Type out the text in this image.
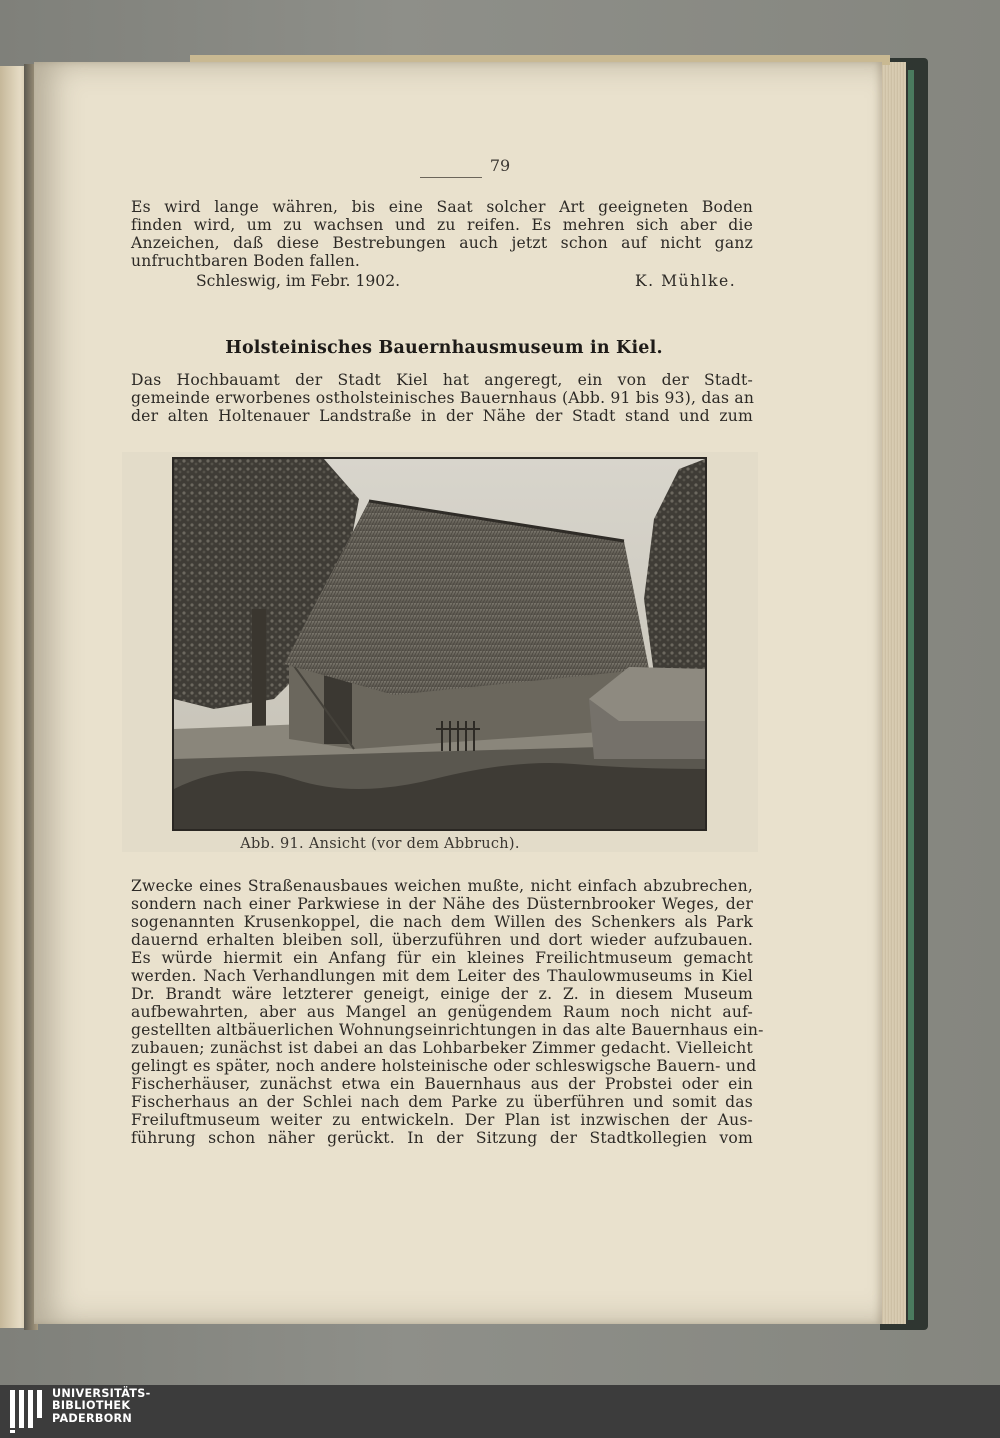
79
Es wird lange währen, bis eine Saat solcher Art geeigneten Boden
finden wird, um zu wachsen und zu reifen. Es mehren sich aber die
Anzeichen, daß diese Bestrebungen auch jetzt schon auf nicht ganz
unfruchtbaren Boden fallen.
Schleswig, im Febr. 1902.	K. Mühlke.
Holsteinisches Bauernhausmuseum in Kiel.
Das Hochbauamt der Stadt Kiel hat angeregt, ein von der Stadt-
gemeinde erworbenes ostholsteinisches Bauernhaus (Abb. 91 bis 93), das an
der alten Holtenauer Landstraße in der Nähe der Stadt stand und zum
Abb. 91. Ansicht (vor dem Abbruch).
Zwecke eines Straßenausbaues weichen mußte, nicht einfach abzubrechen,
sondern nach einer Parkwiese in der Nähe des Düsternbrooker Weges, der
sogenannten Krusenkoppel, die nach dem Willen des Schenkers als Park
dauernd erhalten bleiben soll, überzuführen und dort wieder aufzubauen.
Es würde hiermit ein Anfang für ein kleines Freilichtmuseum gemacht
werden. Nach Verhandlungen mit dem Leiter des Thaulowmuseums in Kiel
Dr. Brandt wäre letzterer geneigt, einige der z. Z. in diesem Museum
aufbewahrten, aber aus Mangel an genügendem Raum noch nicht auf-
gestellten altbäuerlichen Wohnungseinrichtungen in das alte Bauernhaus ein-
zubauen; zunächst ist dabei an das Lohbarbeker Zimmer gedacht. Vielleicht
gelingt es später, noch andere holsteinische oder schleswigsche Bauern- und
Fischerhäuser, zunächst etwa ein Bauernhaus aus der Probstei oder ein
Fischerhaus an der Schlei nach dem Parke zu überführen und somit das
Freiluftmuseum weiter zu entwickeln. Der Plan ist inzwischen der Aus-
führung schon näher gerückt. In der Sitzung der Stadtkollegien vom
UNIVERSITÄTS-
BIBLIOTHEK
PADERBORN
